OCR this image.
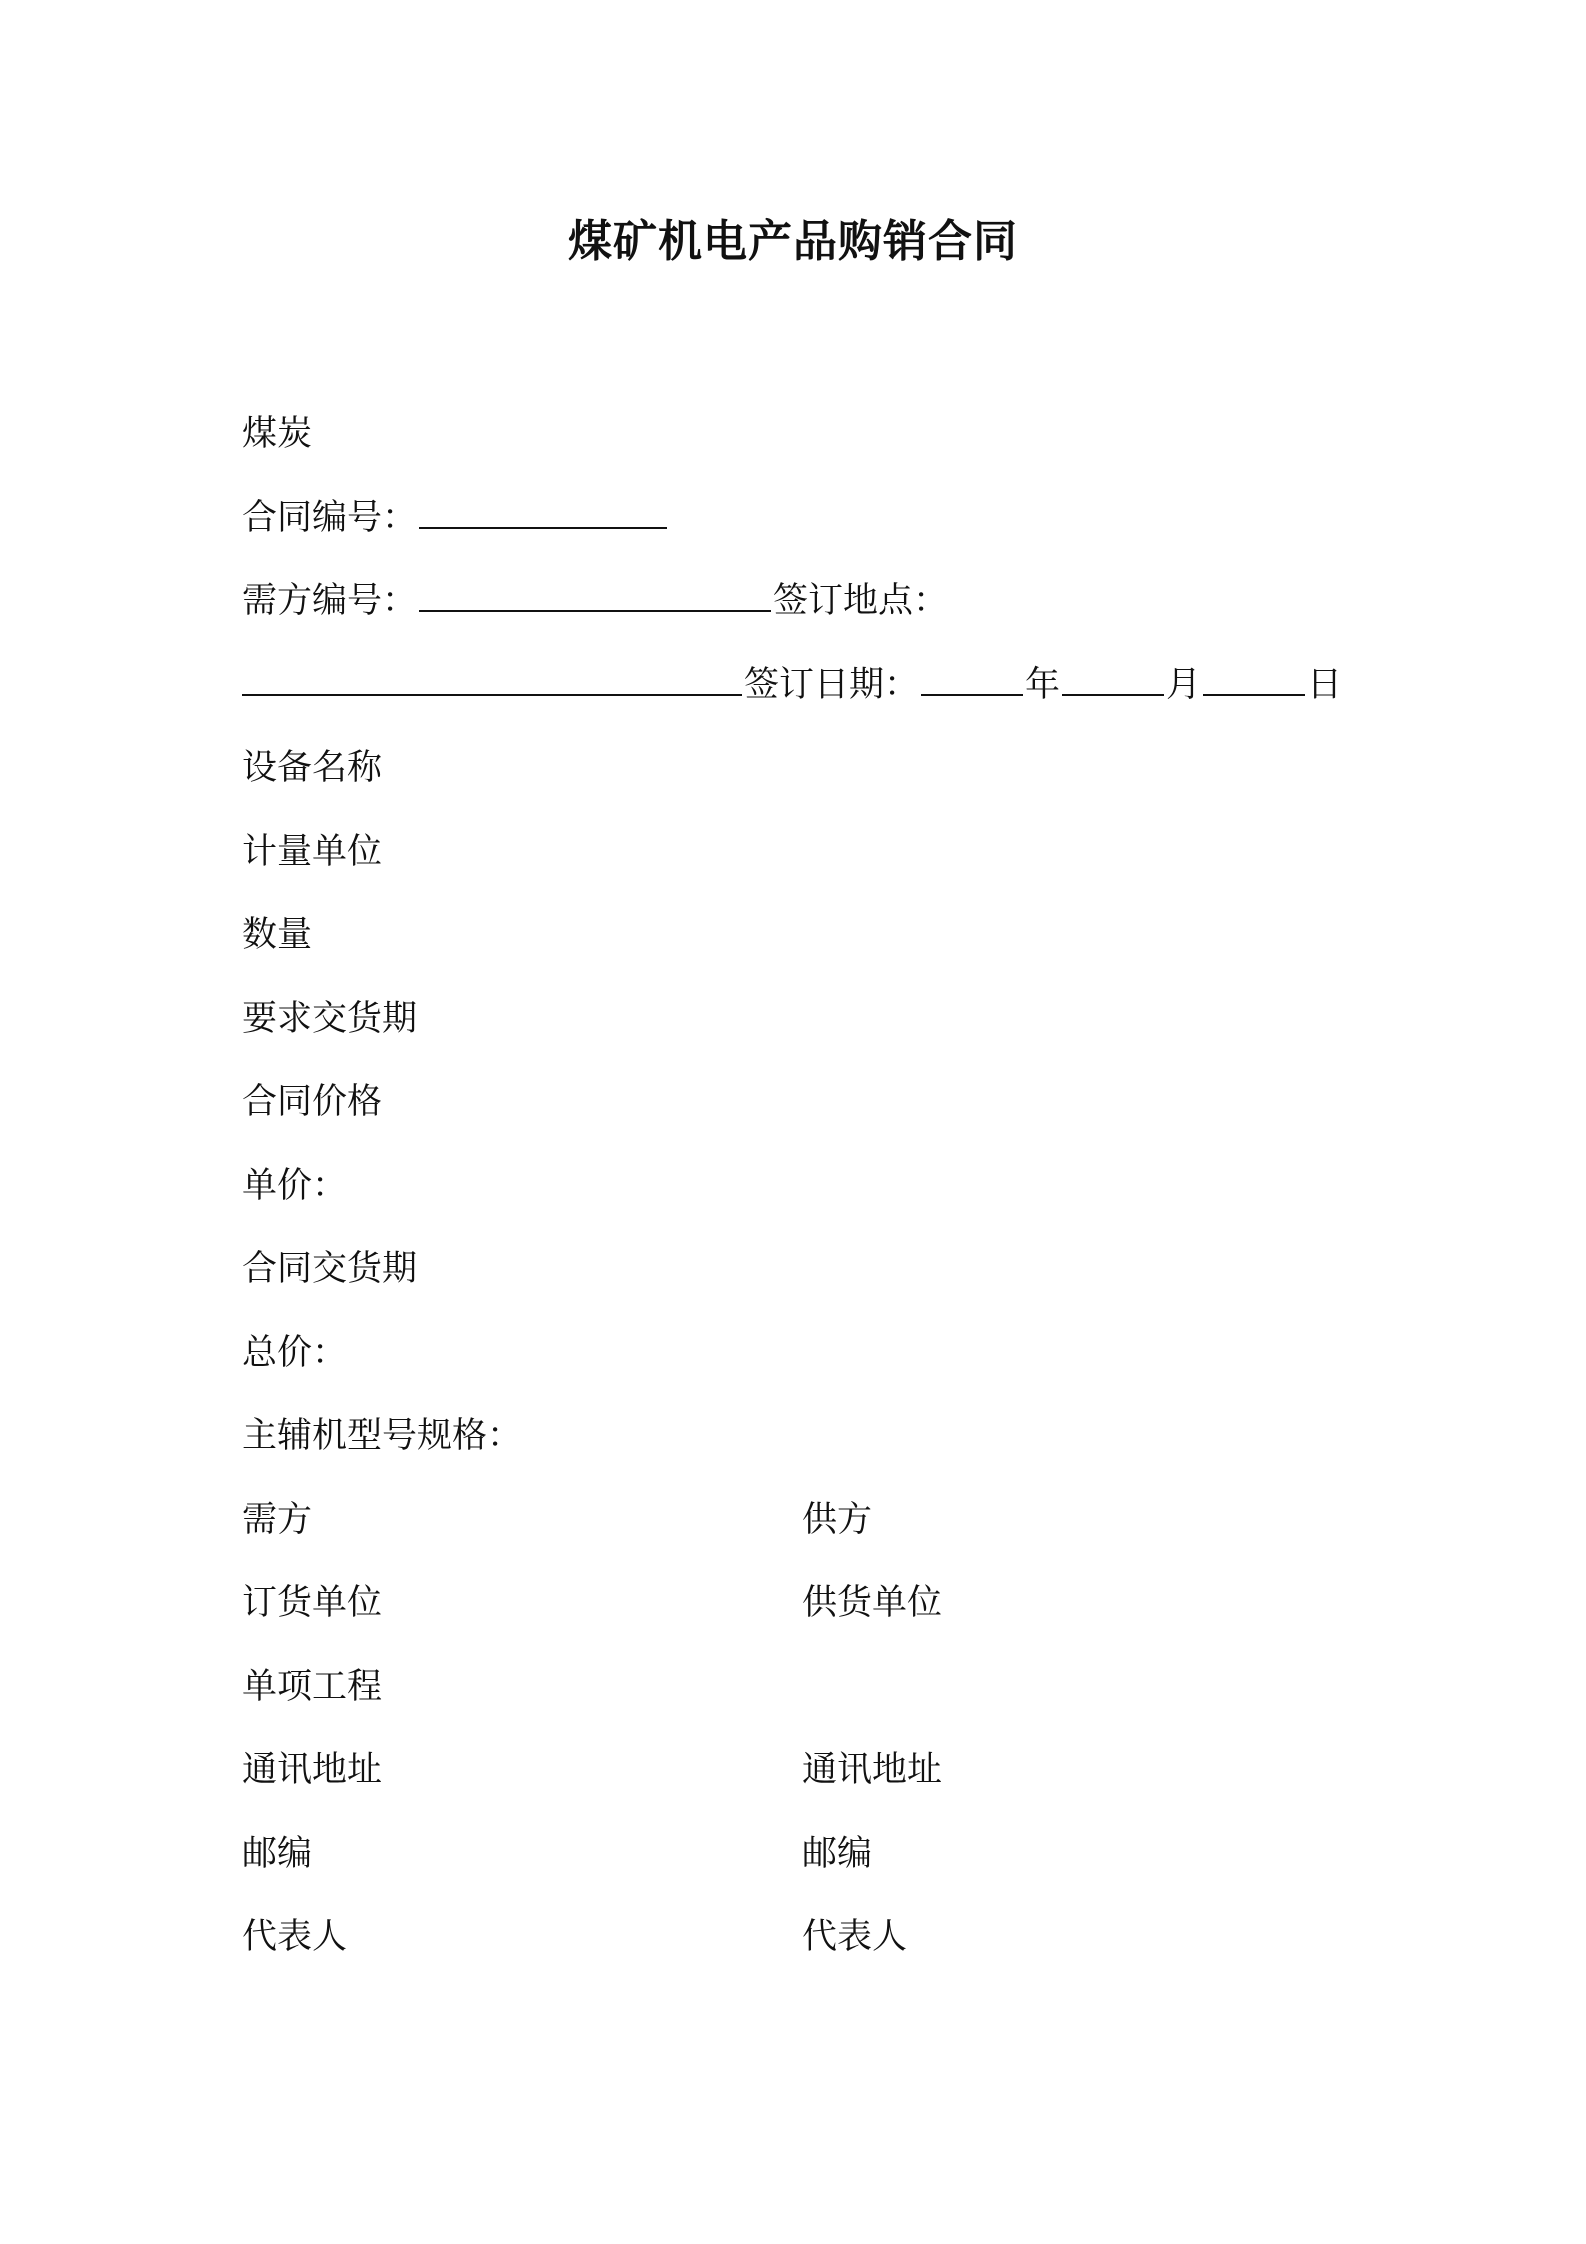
煤矿机电产品购销合同
煤炭
合同编号：
需方编号：	签订地点：
签订日期：	年	月	日
设备名称
计量单位
数量
要求交货期
合同价格
单价：
合同交货期
总价：
主辅机型号规格：
需方	供方
订货单位	供货单位
单项工程
通讯地址	通讯地址
邮编	邮编
代表人	代表人
